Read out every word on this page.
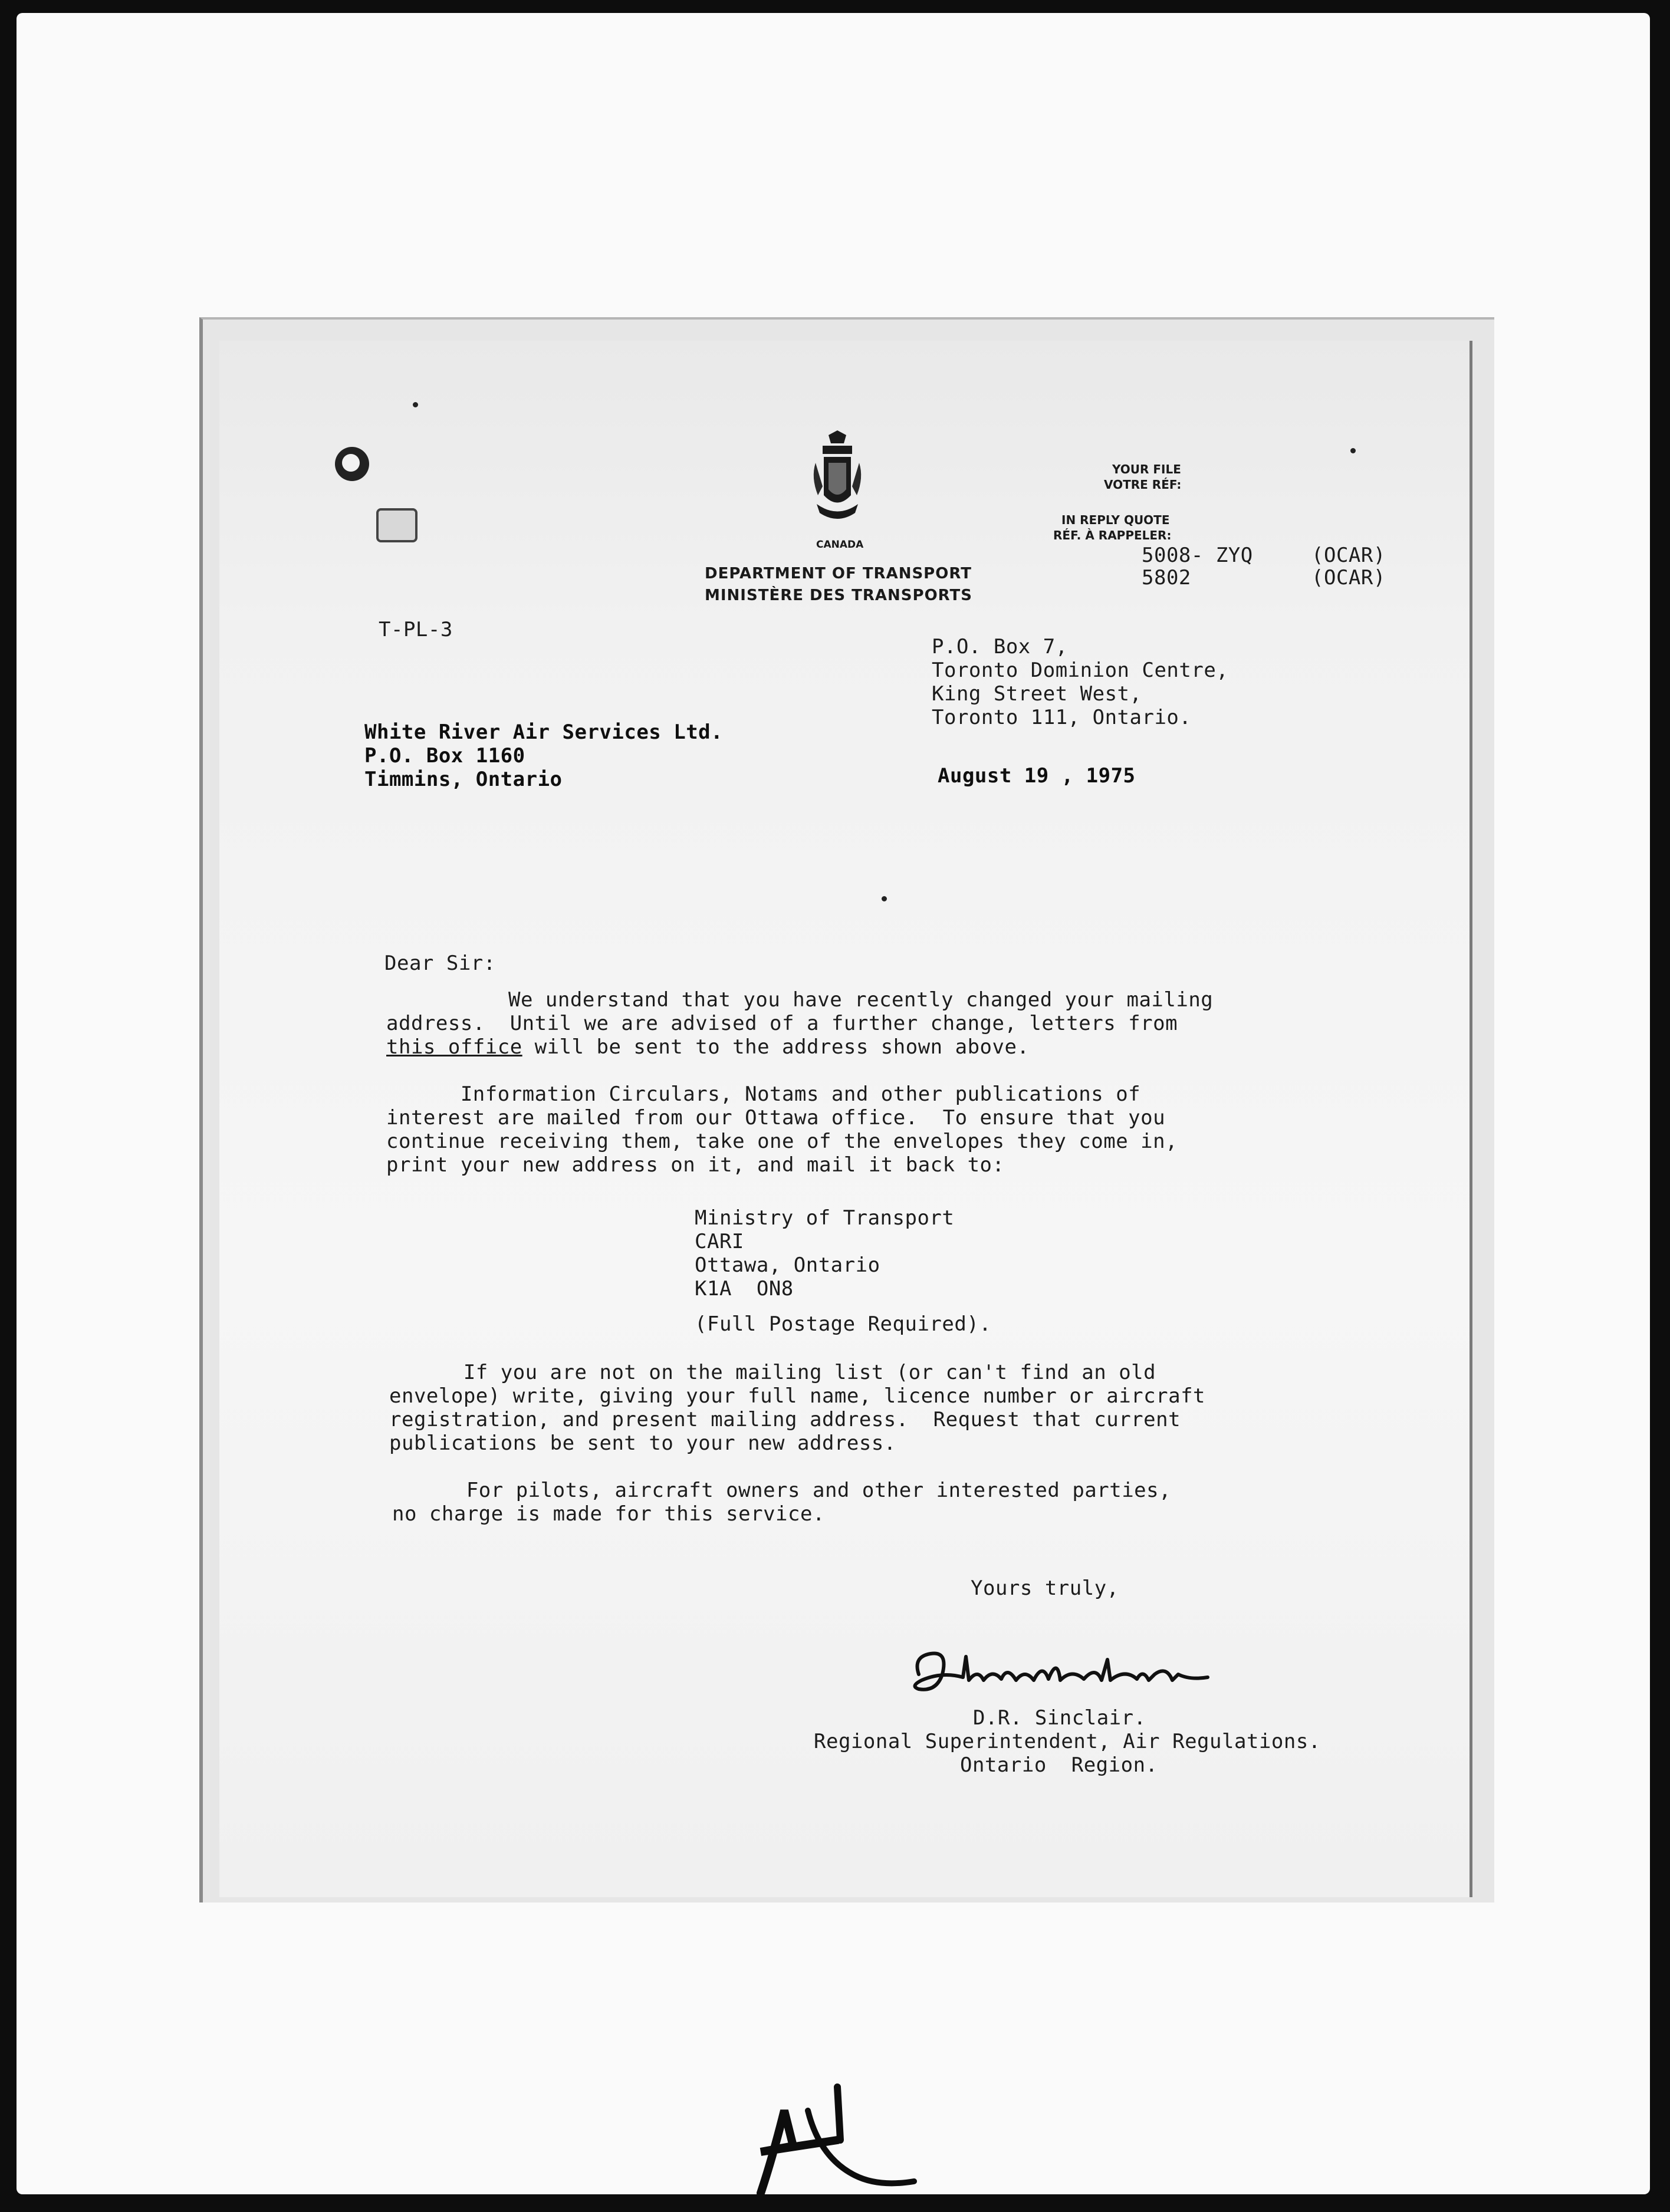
CANADA
DEPARTMENT OF TRANSPORT
MINISTÈRE DES TRANSPORTS
YOUR FILE
VOTRE RÉF:
IN REPLY QUOTE
RÉF. À RAPPELER:
5008- ZYQ	(OCAR)
5802	(OCAR)
T-PL-3
P.O. Box 7,
Toronto Dominion Centre,
King Street West,
Toronto 111, Ontario.
White River Air Services Ltd.
P.O. Box 1160
Timmins, Ontario	August 19 , 1975
Dear Sir:
We understand that you have recently changed your mailing
address.  Until we are advised of a further change, letters from
this office will be sent to the address shown above.
Information Circulars, Notams and other publications of
interest are mailed from our Ottawa office.  To ensure that you
continue receiving them, take one of the envelopes they come in,
print your new address on it, and mail it back to:
Ministry of Transport
CARI
Ottawa, Ontario
K1A  ON8
(Full Postage Required).
If you are not on the mailing list (or can't find an old
envelope) write, giving your full name, licence number or aircraft
registration, and present mailing address.  Request that current
publications be sent to your new address.
For pilots, aircraft owners and other interested parties,
no charge is made for this service.
Yours truly,
D.R. Sinclair.
Regional Superintendent, Air Regulations.
Ontario  Region.
